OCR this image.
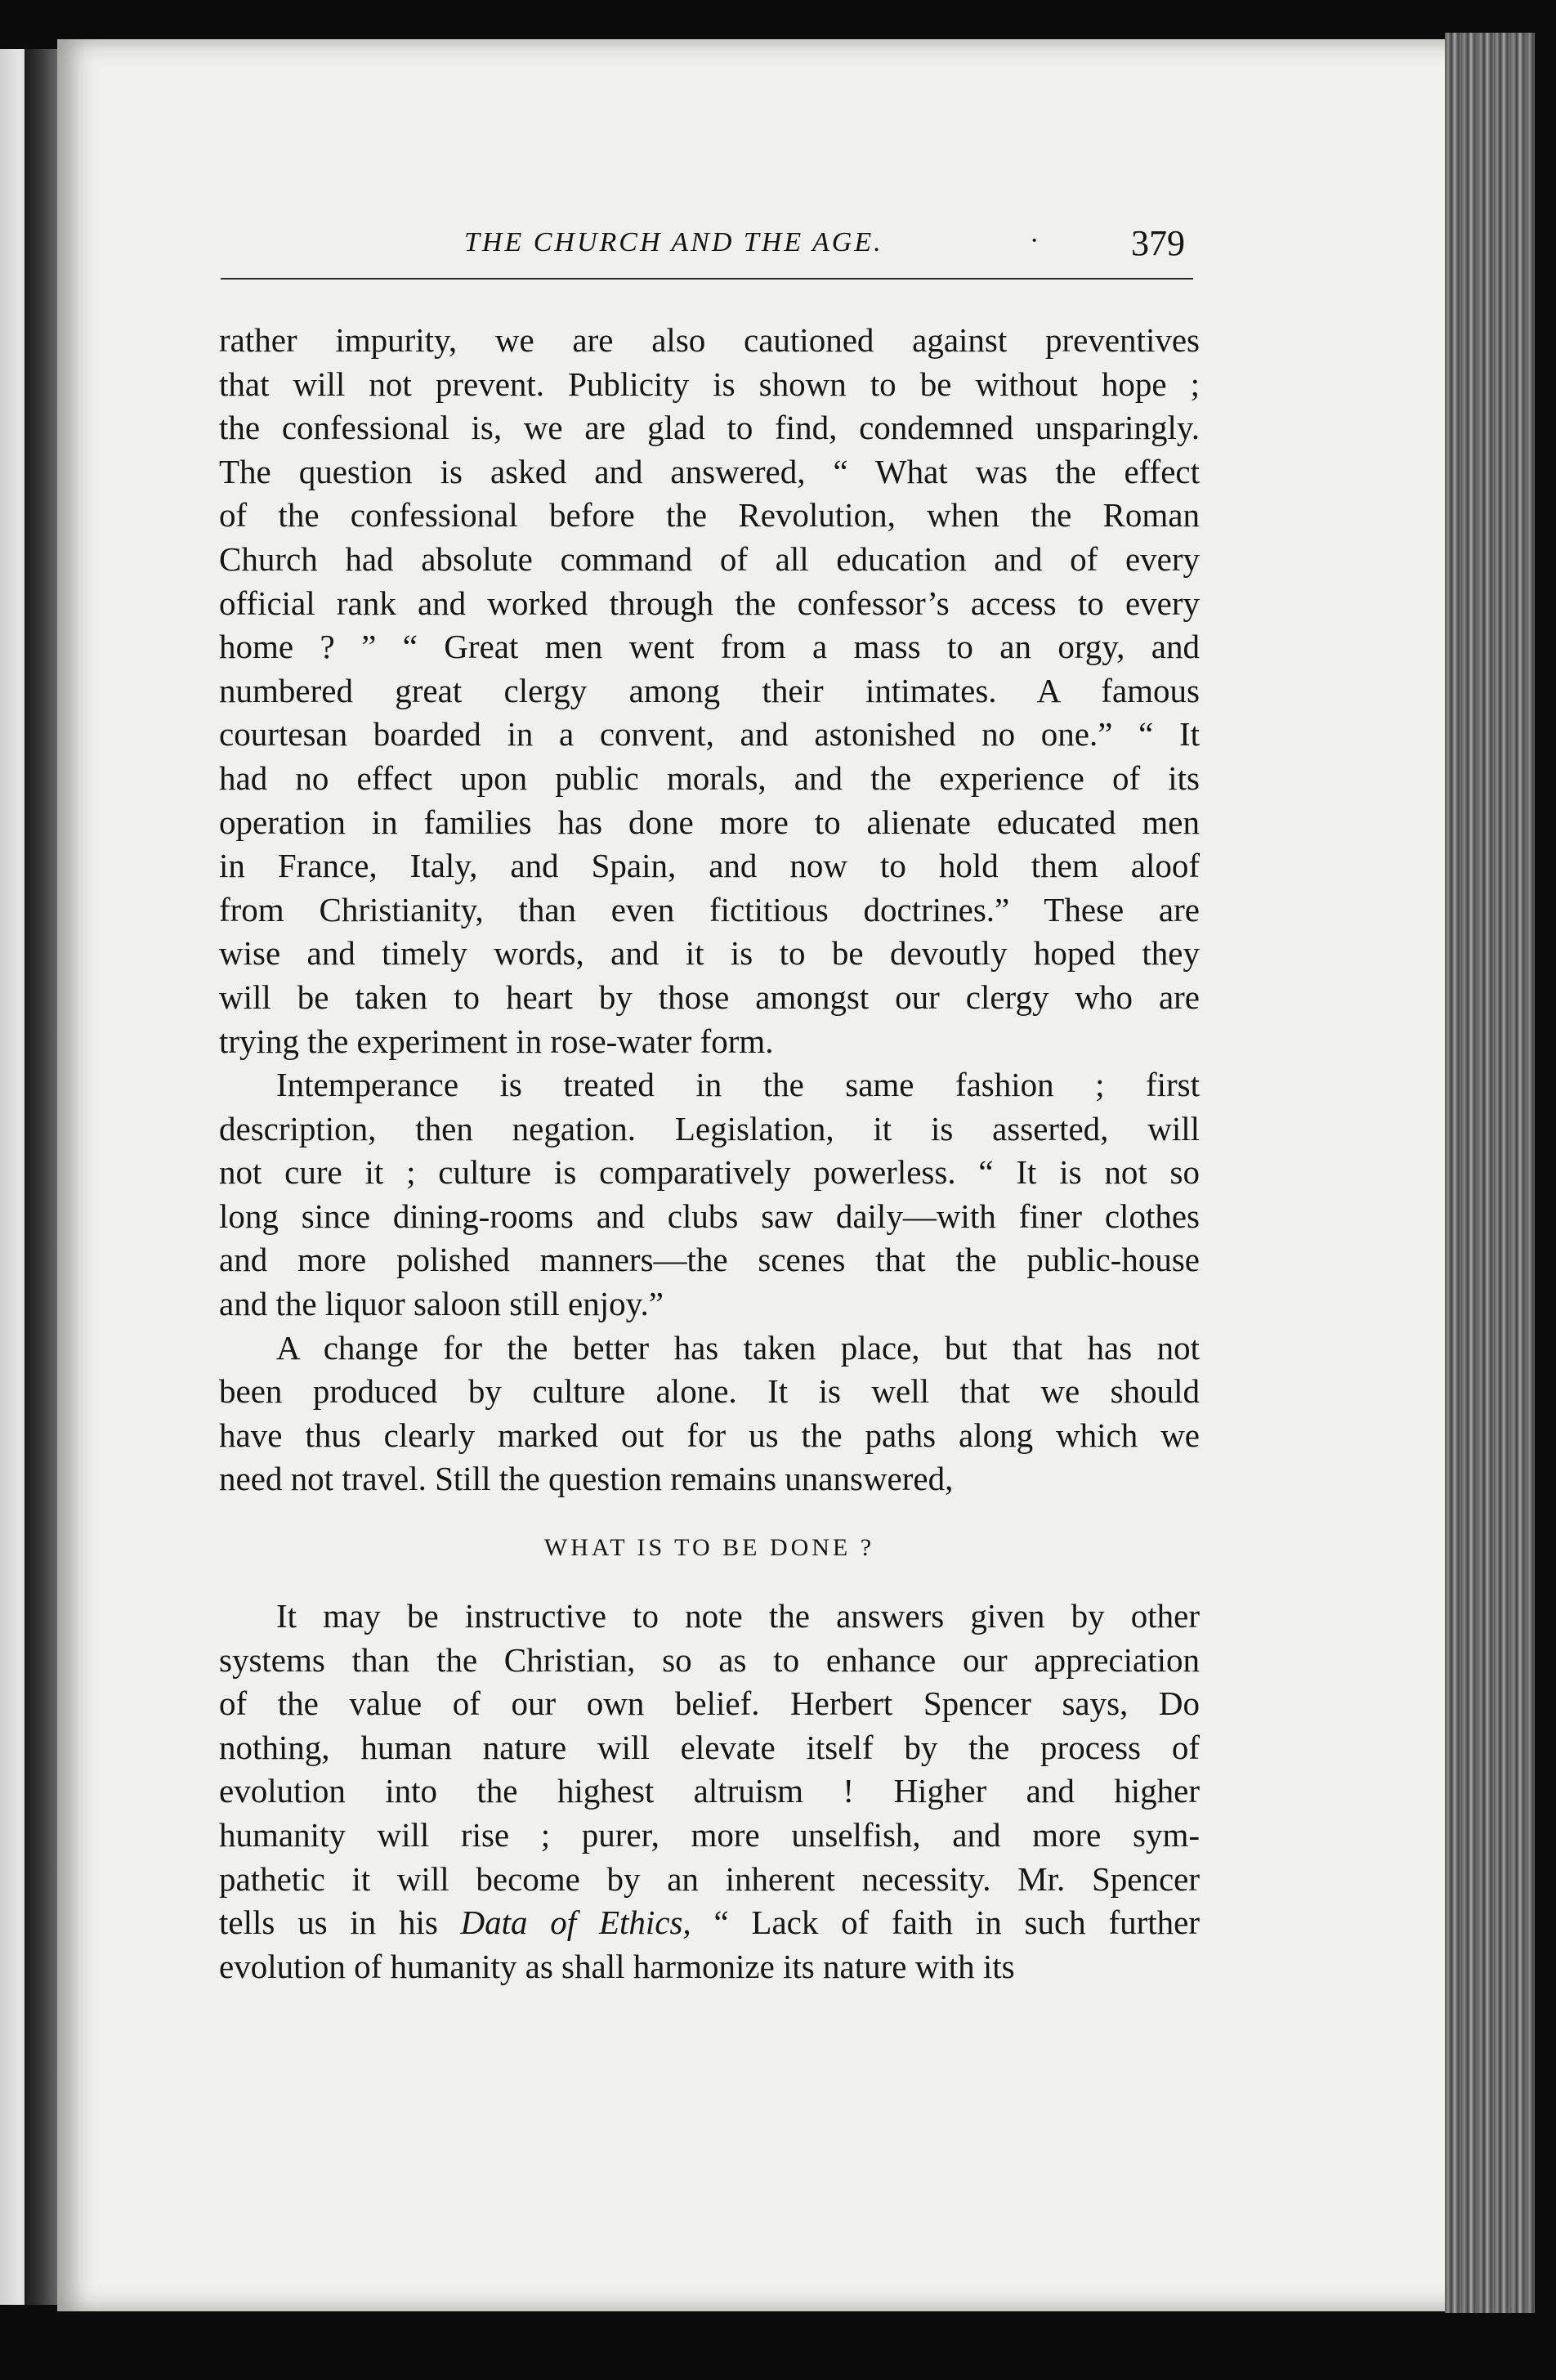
THE CHURCH AND THE AGE.	·	379

rather impurity, we are also cautioned against preventives
that will not prevent. Publicity is shown to be without hope ;
the confessional is, we are glad to find, condemned unsparingly.
The question is asked and answered, “ What was the effect
of the confessional before the Revolution, when the Roman
Church had absolute command of all education and of every
official rank and worked through the confessor’s access to every
home ? ” “ Great men went from a mass to an orgy, and
numbered great clergy among their intimates. A famous
courtesan boarded in a convent, and astonished no one.” “ It
had no effect upon public morals, and the experience of its
operation in families has done more to alienate educated men
in France, Italy, and Spain, and now to hold them aloof
from Christianity, than even fictitious doctrines.” These are
wise and timely words, and it is to be devoutly hoped they
will be taken to heart by those amongst our clergy who are
trying the experiment in rose-water form.

Intemperance is treated in the same fashion ; first
description, then negation. Legislation, it is asserted, will
not cure it ; culture is comparatively powerless. “ It is not so
long since dining-rooms and clubs saw daily—with finer clothes
and more polished manners—the scenes that the public-house
and the liquor saloon still enjoy.”

A change for the better has taken place, but that has not
been produced by culture alone. It is well that we should
have thus clearly marked out for us the paths along which we
need not travel. Still the question remains unanswered,

WHAT IS TO BE DONE ?

It may be instructive to note the answers given by other
systems than the Christian, so as to enhance our appreciation
of the value of our own belief. Herbert Spencer says, Do
nothing, human nature will elevate itself by the process of
evolution into the highest altruism ! Higher and higher
humanity will rise ; purer, more unselfish, and more sym-
pathetic it will become by an inherent necessity. Mr. Spencer
tells us in his Data of Ethics, “ Lack of faith in such further
evolution of humanity as shall harmonize its nature with its
